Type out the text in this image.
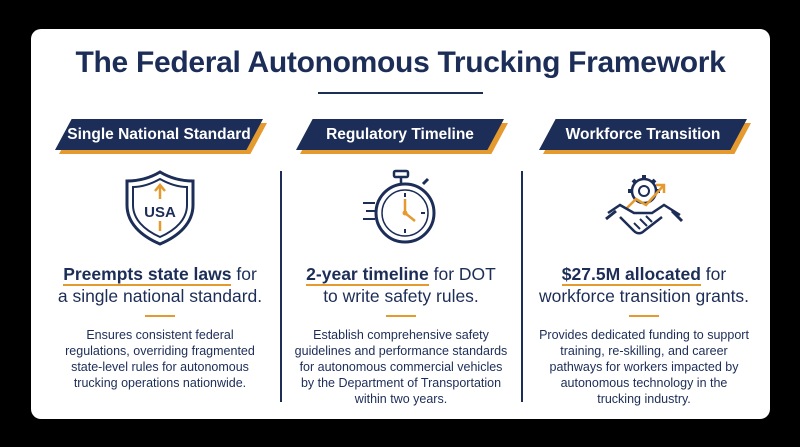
The Federal Autonomous Trucking Framework
Single National Standard
USA
Preempts state laws for
a single national standard.
Ensures consistent federal regulations, overriding fragmented state-level rules for autonomous trucking operations nationwide.
Regulatory Timeline
2-year timeline for DOT
to write safety rules.
Establish comprehensive safety guidelines and performance standards for autonomous commercial vehicles by the Department of Transportation within two years.
Workforce Transition
$27.5M allocated for
workforce transition grants.
Provides dedicated funding to support training, re-skilling, and career pathways for workers impacted by autonomous technology in the trucking industry.
